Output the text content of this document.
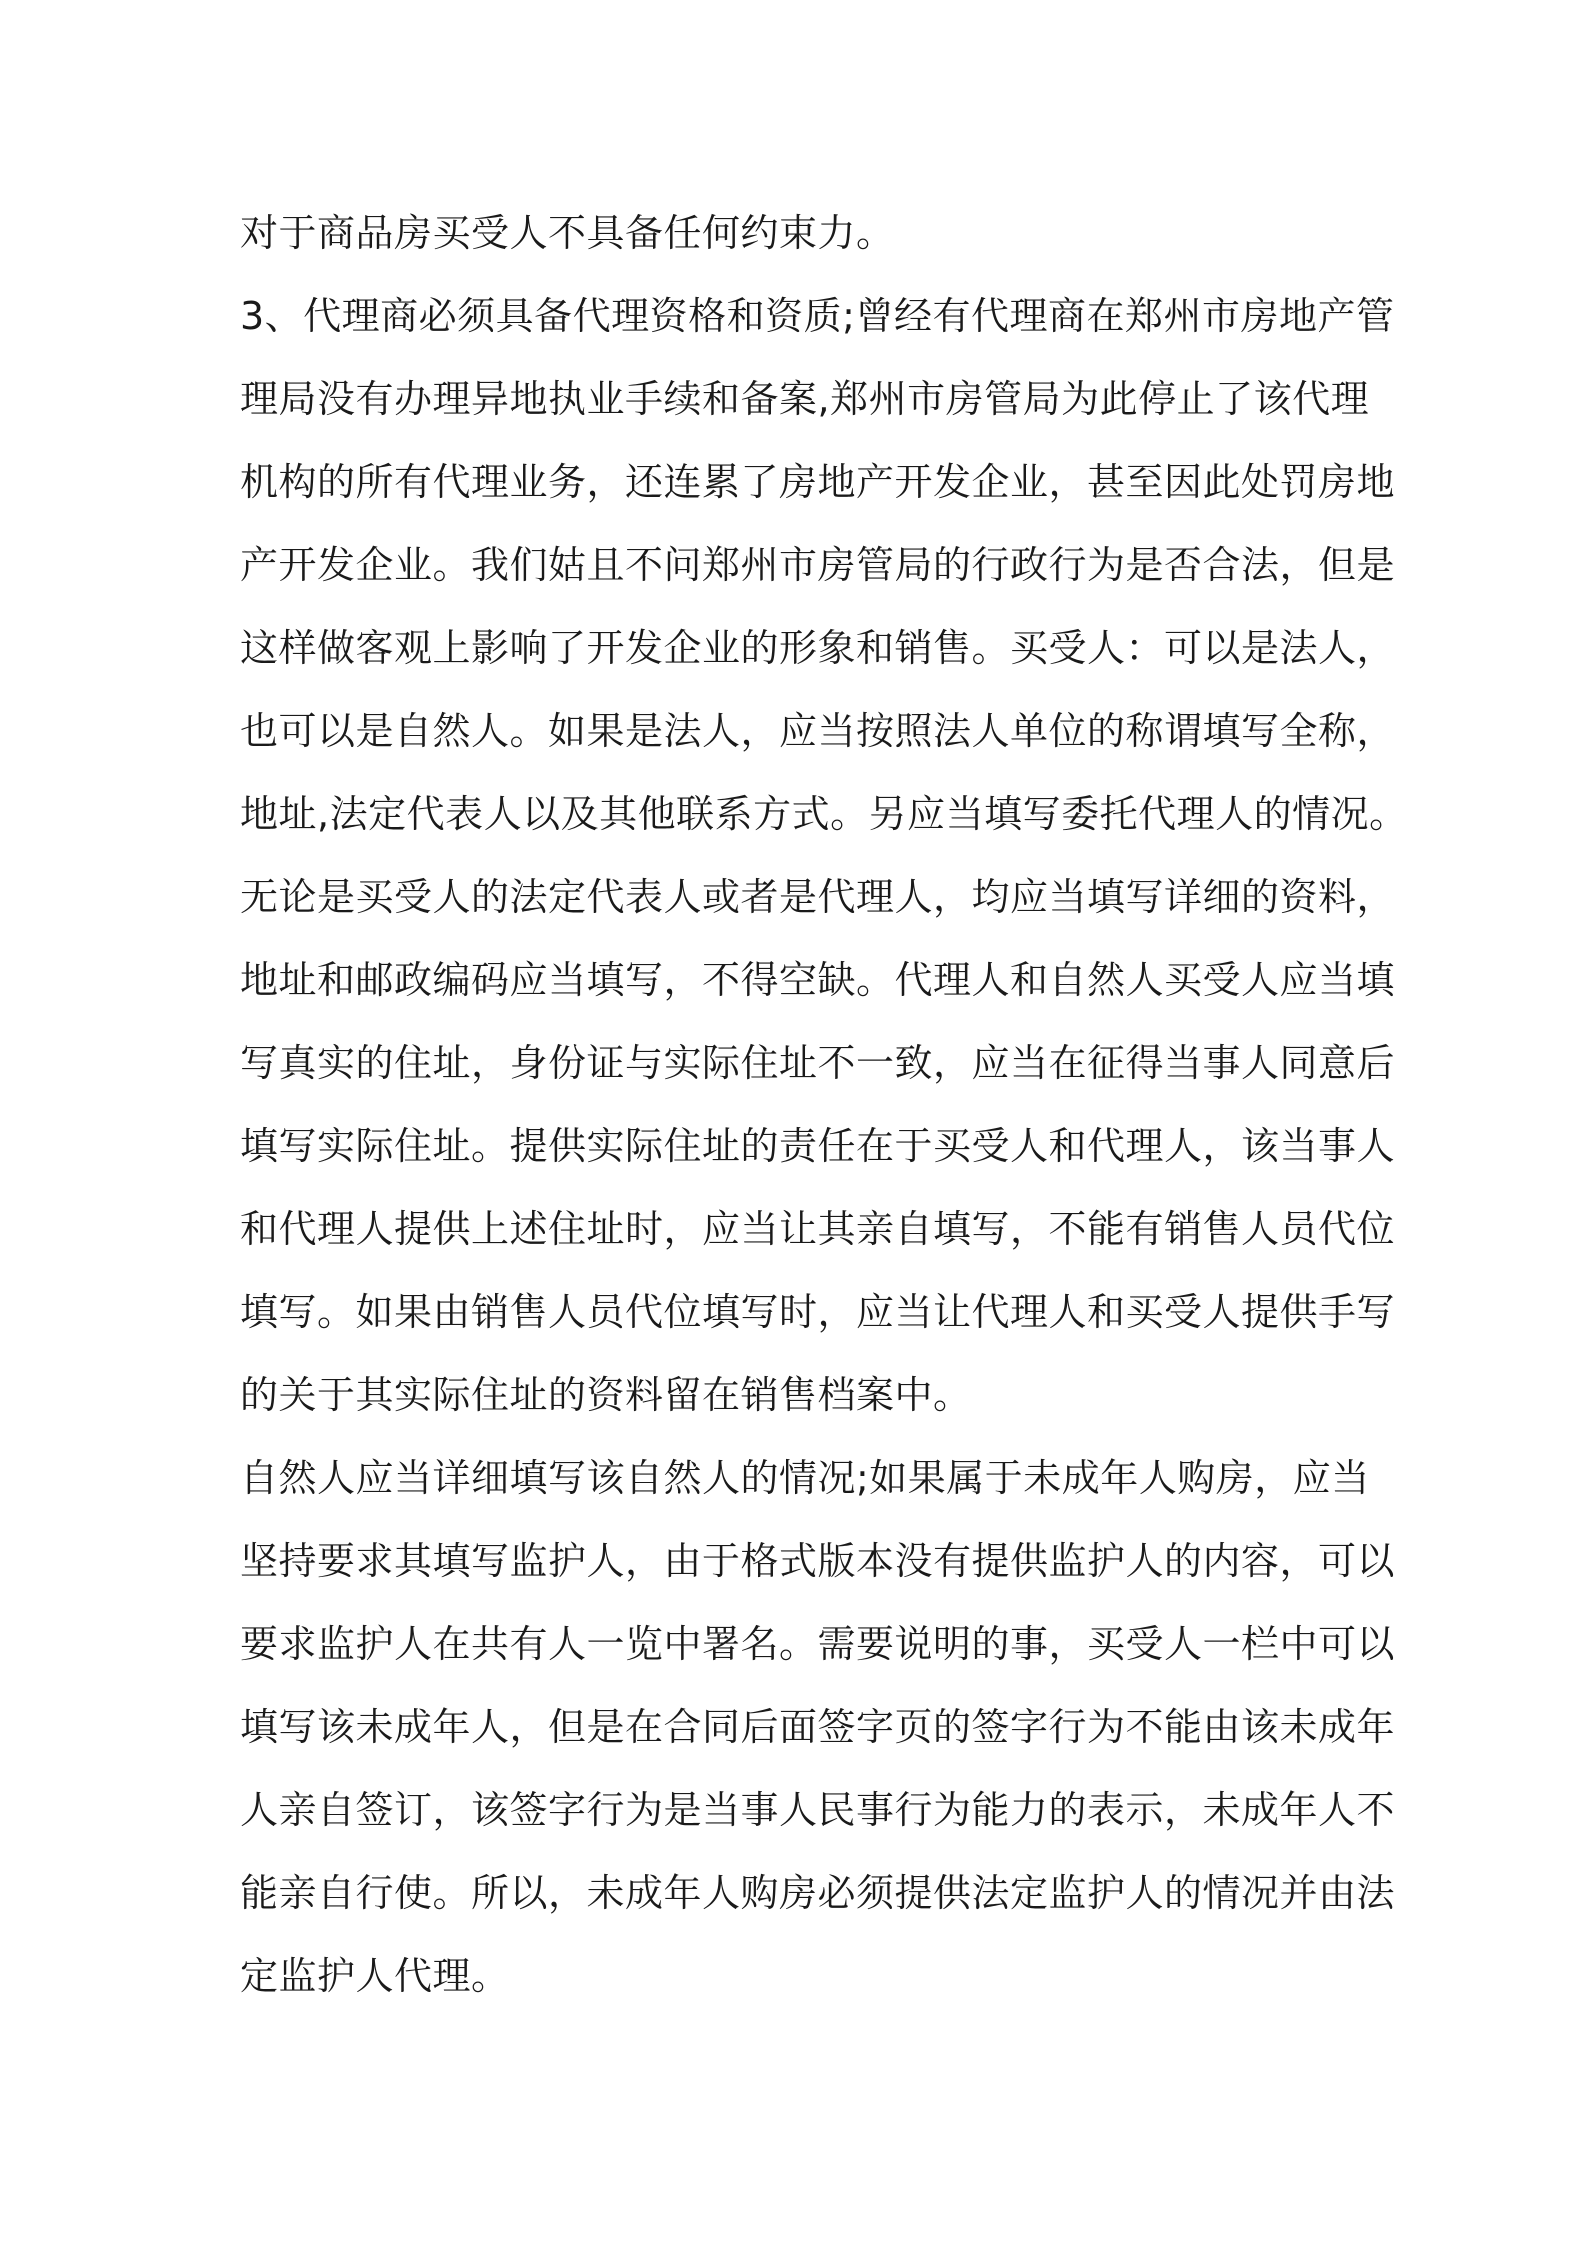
对于商品房买受人不具备任何约束力。
3、代理商必须具备代理资格和资质;曾经有代理商在郑州市房地产管
理局没有办理异地执业手续和备案,郑州市房管局为此停止了该代理
机构的所有代理业务，还连累了房地产开发企业，甚至因此处罚房地
产开发企业。我们姑且不问郑州市房管局的行政行为是否合法，但是
这样做客观上影响了开发企业的形象和销售。买受人：可以是法人，
也可以是自然人。如果是法人，应当按照法人单位的称谓填写全称，
地址,法定代表人以及其他联系方式。另应当填写委托代理人的情况。
无论是买受人的法定代表人或者是代理人，均应当填写详细的资料，
地址和邮政编码应当填写，不得空缺。代理人和自然人买受人应当填
写真实的住址，身份证与实际住址不一致，应当在征得当事人同意后
填写实际住址。提供实际住址的责任在于买受人和代理人，该当事人
和代理人提供上述住址时，应当让其亲自填写，不能有销售人员代位
填写。如果由销售人员代位填写时，应当让代理人和买受人提供手写
的关于其实际住址的资料留在销售档案中。
自然人应当详细填写该自然人的情况;如果属于未成年人购房，应当
坚持要求其填写监护人，由于格式版本没有提供监护人的内容，可以
要求监护人在共有人一览中署名。需要说明的事，买受人一栏中可以
填写该未成年人，但是在合同后面签字页的签字行为不能由该未成年
人亲自签订，该签字行为是当事人民事行为能力的表示，未成年人不
能亲自行使。所以，未成年人购房必须提供法定监护人的情况并由法
定监护人代理。
